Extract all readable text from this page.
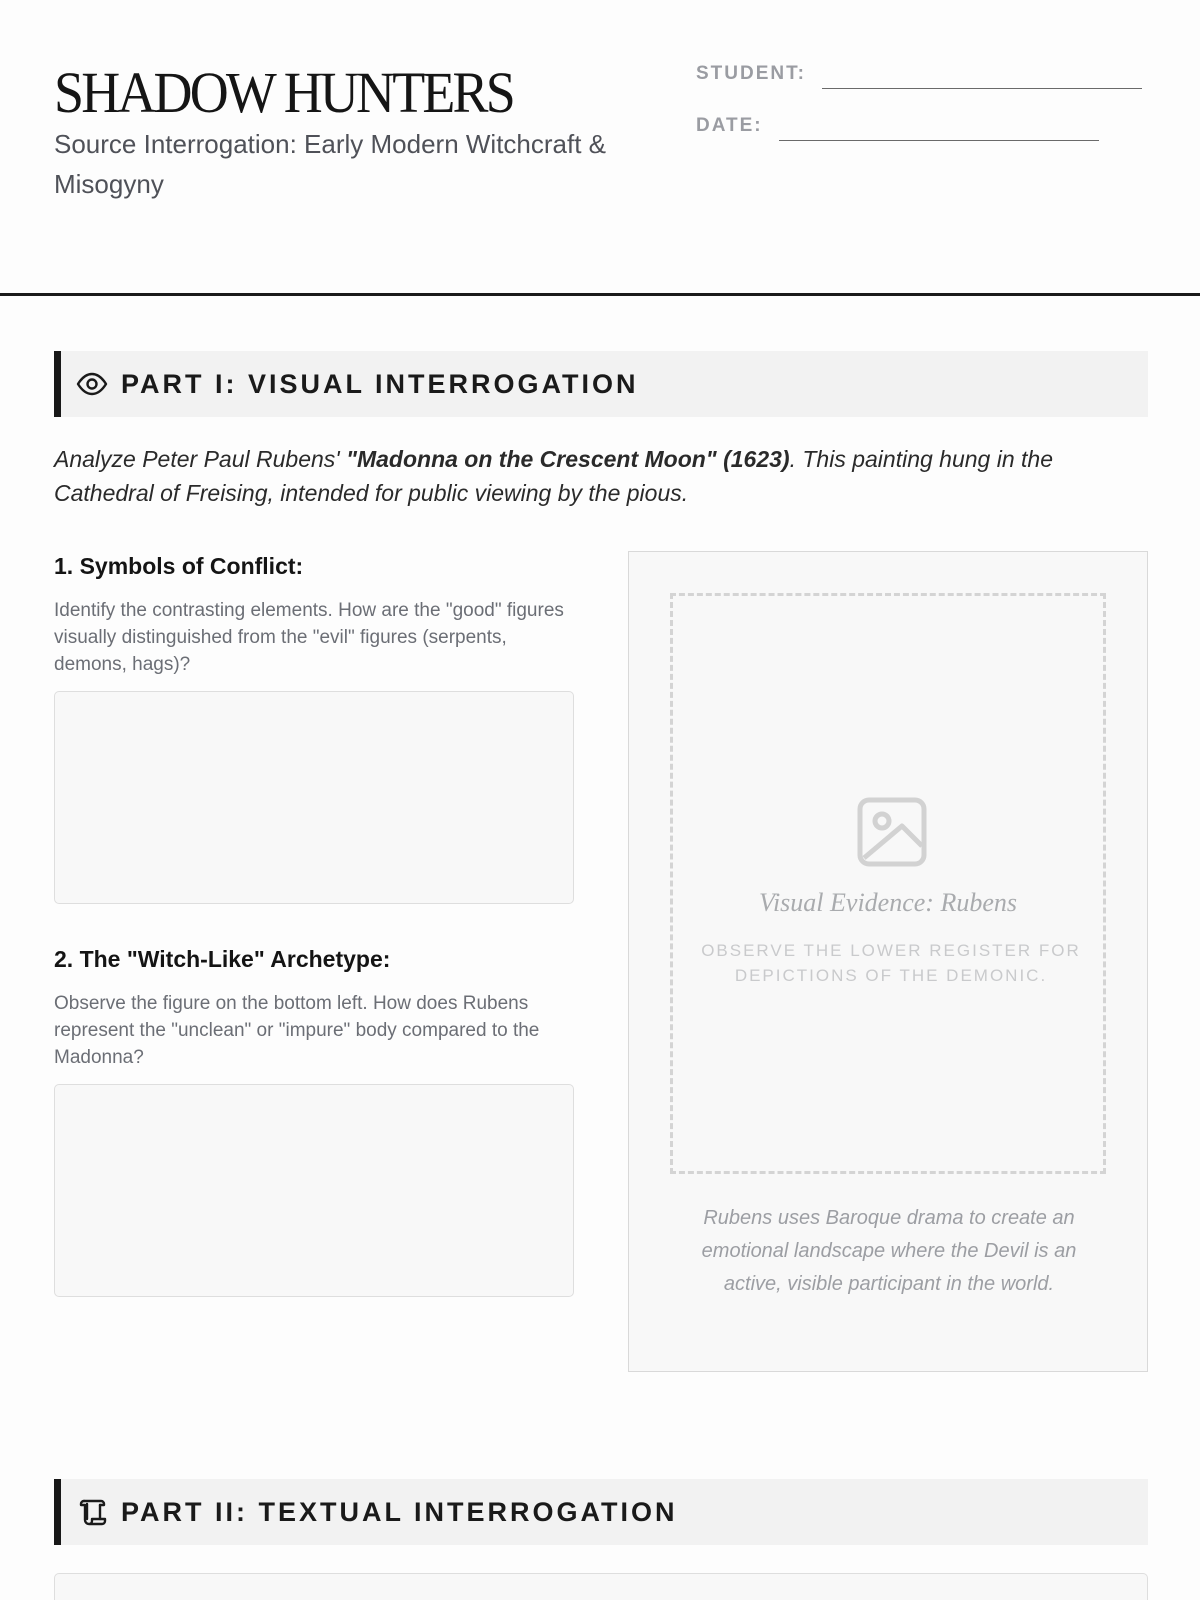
SHADOW HUNTERS
Source Interrogation: Early Modern Witchcraft & Misogyny
STUDENT:
DATE:
PART I: VISUAL INTERROGATION
Analyze Peter Paul Rubens' "Madonna on the Crescent Moon" (1623). This painting hung in the Cathedral of Freising, intended for public viewing by the pious.
1. Symbols of Conflict:
Identify the contrasting elements. How are the "good" figures visually distinguished from the "evil" figures (serpents, demons, hags)?
2. The "Witch-Like" Archetype:
Observe the figure on the bottom left. How does Rubens represent the "unclean" or "impure" body compared to the Madonna?
Visual Evidence: Rubens
OBSERVE THE LOWER REGISTER FOR DEPICTIONS OF THE DEMONIC.
Rubens uses Baroque drama to create an emotional landscape where the Devil is an active, visible participant in the world.
PART II: TEXTUAL INTERROGATION
